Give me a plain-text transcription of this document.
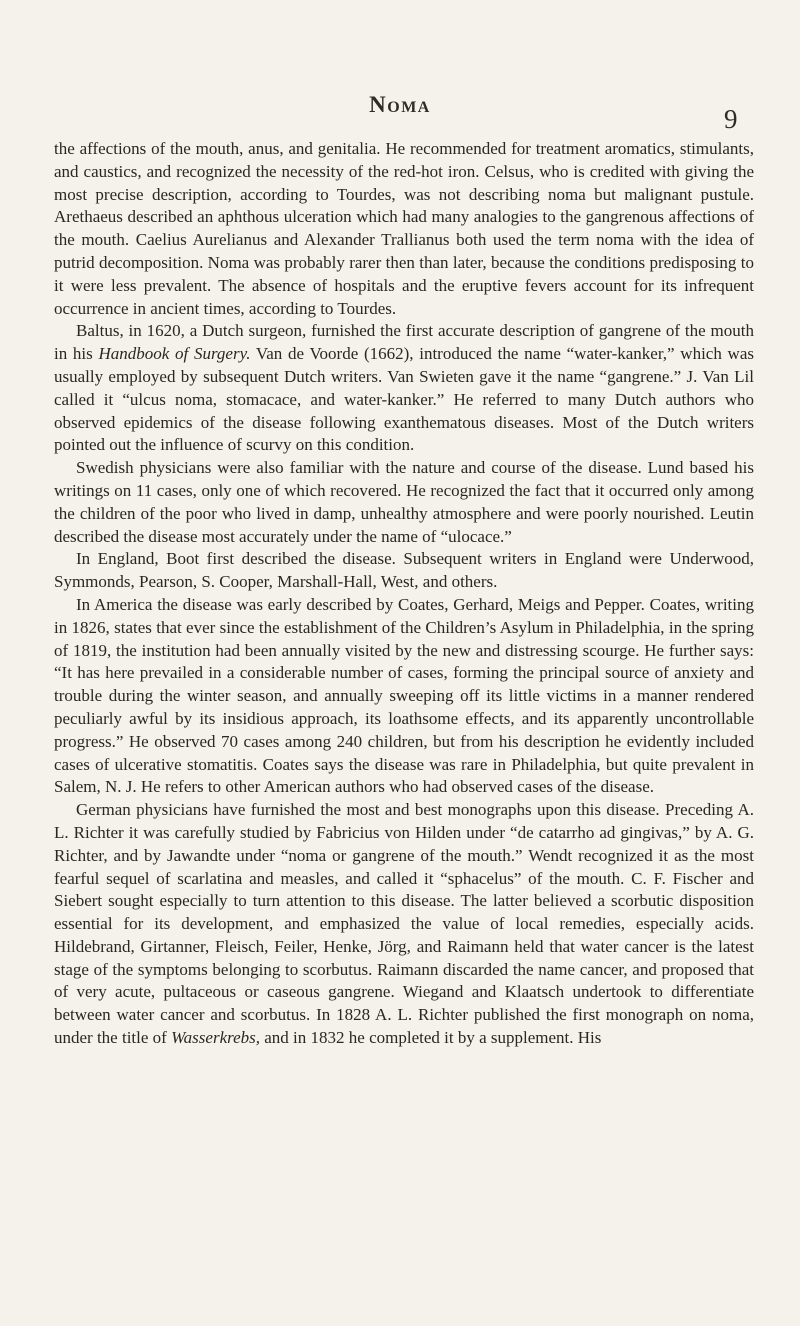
Noma	9

the affections of the mouth, anus, and genitalia. He recommended for treatment aromatics, stimulants, and caustics, and recognized the necessity of the red-hot iron. Celsus, who is credited with giving the most precise description, according to Tourdes, was not describing noma but malignant pustule. Arethaeus described an aphthous ulceration which had many analogies to the gangrenous affections of the mouth. Caelius Aurelianus and Alexander Trallianus both used the term noma with the idea of putrid decomposition. Noma was probably rarer then than later, because the conditions predisposing to it were less prevalent. The absence of hospitals and the eruptive fevers account for its infrequent occurrence in ancient times, according to Tourdes.

Baltus, in 1620, a Dutch surgeon, furnished the first accurate description of gangrene of the mouth in his Handbook of Surgery. Van de Voorde (1662), introduced the name “water-kanker,” which was usually employed by subsequent Dutch writers. Van Swieten gave it the name “gangrene.” J. Van Lil called it “ulcus noma, stomacace, and water-kanker.” He referred to many Dutch authors who observed epidemics of the disease following exanthematous diseases. Most of the Dutch writers pointed out the influence of scurvy on this condition.

Swedish physicians were also familiar with the nature and course of the disease. Lund based his writings on 11 cases, only one of which recovered. He recognized the fact that it occurred only among the children of the poor who lived in damp, unhealthy atmosphere and were poorly nourished. Leutin described the disease most accurately under the name of “ulocace.”

In England, Boot first described the disease. Subsequent writers in England were Underwood, Symmonds, Pearson, S. Cooper, Marshall-Hall, West, and others.

In America the disease was early described by Coates, Gerhard, Meigs and Pepper. Coates, writing in 1826, states that ever since the establishment of the Children’s Asylum in Philadelphia, in the spring of 1819, the institution had been annually visited by the new and distressing scourge. He further says: “It has here prevailed in a considerable number of cases, forming the principal source of anxiety and trouble during the winter season, and annually sweeping off its little victims in a manner rendered peculiarly awful by its insidious approach, its loathsome effects, and its apparently uncontrollable progress.” He observed 70 cases among 240 children, but from his description he evidently included cases of ulcerative stomatitis. Coates says the disease was rare in Philadelphia, but quite prevalent in Salem, N. J. He refers to other American authors who had observed cases of the disease.

German physicians have furnished the most and best monographs upon this disease. Preceding A. L. Richter it was carefully studied by Fabricius von Hilden under “de catarrho ad gingivas,” by A. G. Richter, and by Jawandte under “noma or gangrene of the mouth.” Wendt recognized it as the most fearful sequel of scarlatina and measles, and called it “sphacelus” of the mouth. C. F. Fischer and Siebert sought especially to turn attention to this disease. The latter believed a scorbutic disposition essential for its development, and emphasized the value of local remedies, especially acids. Hildebrand, Girtanner, Fleisch, Feiler, Henke, Jörg, and Raimann held that water cancer is the latest stage of the symptoms belonging to scorbutus. Raimann discarded the name cancer, and proposed that of very acute, pultaceous or caseous gangrene. Wiegand and Klaatsch undertook to differentiate between water cancer and scorbutus. In 1828 A. L. Richter published the first monograph on noma, under the title of Wasserkrebs, and in 1832 he completed it by a supplement. His
